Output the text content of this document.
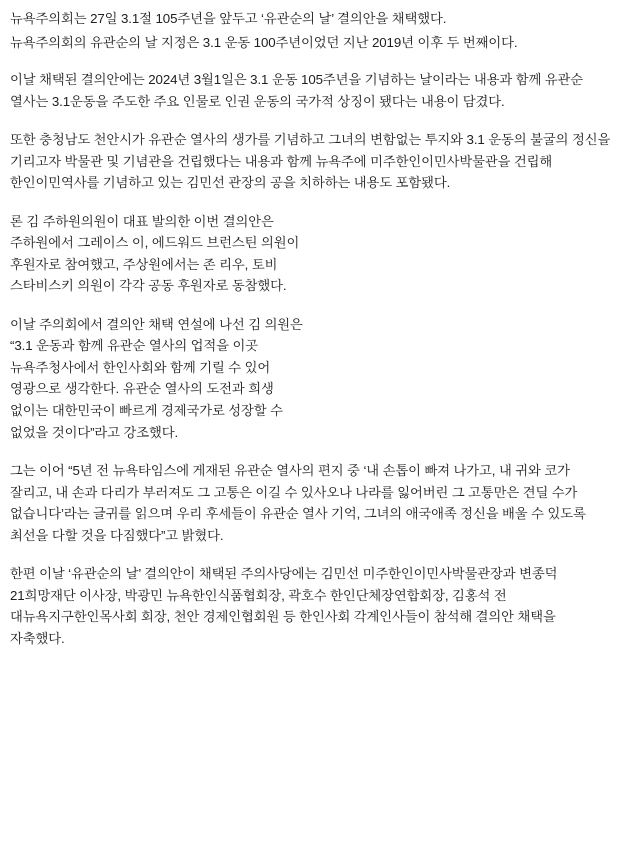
뉴욕주의회는 27일 3.1절 105주년을 앞두고 ‘유관순의 날’ 결의안을 채택했다.

뉴욕주의회의 유관순의 날 지정은 3.1 운동 100주년이었던 지난 2019년 이후 두 번째이다.

이날 채택된 결의안에는 2024년 3월1일은 3.1 운동 105주년을 기념하는 날이라는 내용과 함께 유관순 열사는 3.1운동을 주도한 주요 인물로 인권 운동의 국가적 상징이 됐다는 내용이 담겼다.

또한 충청남도 천안시가 유관순 열사의 생가를 기념하고 그녀의 변함없는 투지와 3.1 운동의 불굴의 정신을 기리고자 박물관 및 기념관을 건립했다는 내용과 함께 뉴욕주에 미주한인이민사박물관을 건립해 한인이민역사를 기념하고 있는 김민선 관장의 공을 치하하는 내용도 포함됐다.

론 김 주하원의원이 대표 발의한 이번 결의안은 주하원에서 그레이스 이, 에드워드 브런스틴 의원이 후원자로 참여했고, 주상원에서는 존 리우, 토비 스타비스키 의원이 각각 공동 후원자로 동참했다.

이날 주의회에서 결의안 채택 연설에 나선 김 의원은 “3.1 운동과 함께 유관순 열사의 업적을 이곳 뉴욕주청사에서 한인사회와 함께 기릴 수 있어 영광으로 생각한다. 유관순 열사의 도전과 희생 없이는 대한민국이 빠르게 경제국가로 성장할 수 없었을 것이다”라고 강조했다.

그는 이어 “5년 전 뉴욕타임스에 게재된 유관순 열사의 편지 중 ‘내 손톱이 빠져 나가고, 내 귀와 코가 잘리고, 내 손과 다리가 부러져도 그 고통은 이길 수 있사오나 나라를 잃어버린 그 고통만은 견딜 수가 없습니다’라는 글귀를 읽으며 우리 후세들이 유관순 열사 기억, 그녀의 애국애족 정신을 배울 수 있도록 최선을 다할 것을 다짐했다”고 밝혔다.

한편 이날 ‘유관순의 날’ 결의안이 채택된 주의사당에는 김민선 미주한인이민사박물관장과 변종덕 21희망재단 이사장, 박광민 뉴욕한인식품협회장, 곽호수 한인단체장연합회장, 김홍석 전 대뉴욕지구한인목사회 회장, 천안 경제인협회원 등 한인사회 각계인사들이 참석해 결의안 채택을 자축했다.
